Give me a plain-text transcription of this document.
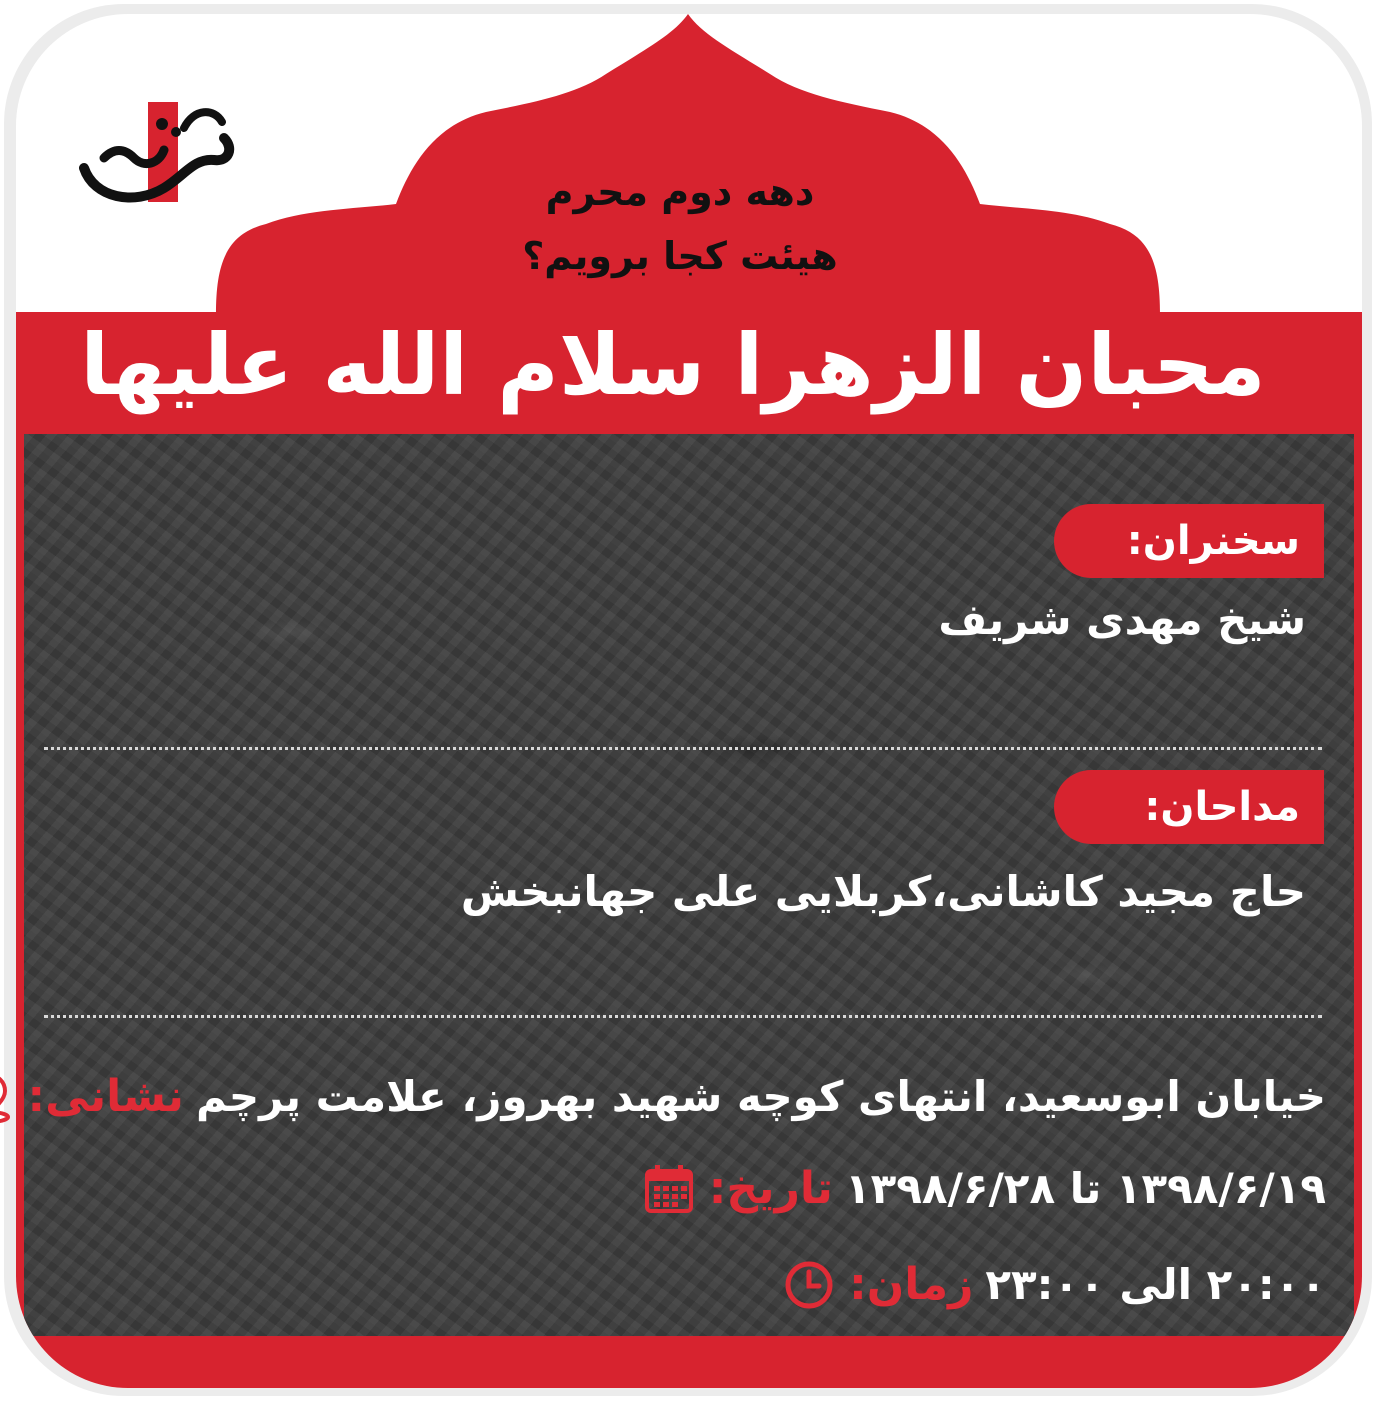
دهه دوم محرم
هیئت کجا برویم؟
محبان الزهرا سلام الله علیها
سخنران:
شیخ مهدی شریف
مداحان:
حاج مجید کاشانی،کربلایی علی جهانبخش
نشانی: خیابان ابوسعید، انتهای کوچه شهید بهروز، علامت پرچم
تاریخ: ۱۳۹۸/۶/۱۹ تا ۱۳۹۸/۶/۲۸
زمان: ۲۰:۰۰ الی ۲۳:۰۰
